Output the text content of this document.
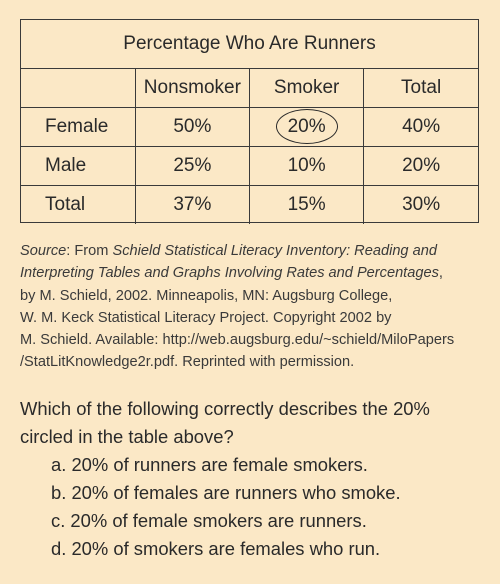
Percentage Who Are Runners			
	Nonsmoker	Smoker	Total
Female	50%	20%	40%
Male	25%	10%	20%
Total	37%	15%	30%
Source: From Schield Statistical Literacy Inventory: Reading and
Interpreting Tables and Graphs Involving Rates and Percentages,
by M. Schield, 2002. Minneapolis, MN: Augsburg College,
W. M. Keck Statistical Literacy Project. Copyright 2002 by
M. Schield. Available: http://web.augsburg.edu/~schield/MiloPapers
/StatLitKnowledge2r.pdf. Reprinted with permission.
Which of the following correctly describes the 20%
circled in the table above?
a. 20% of runners are female smokers.
b. 20% of females are runners who smoke.
c. 20% of female smokers are runners.
d. 20% of smokers are females who run.
